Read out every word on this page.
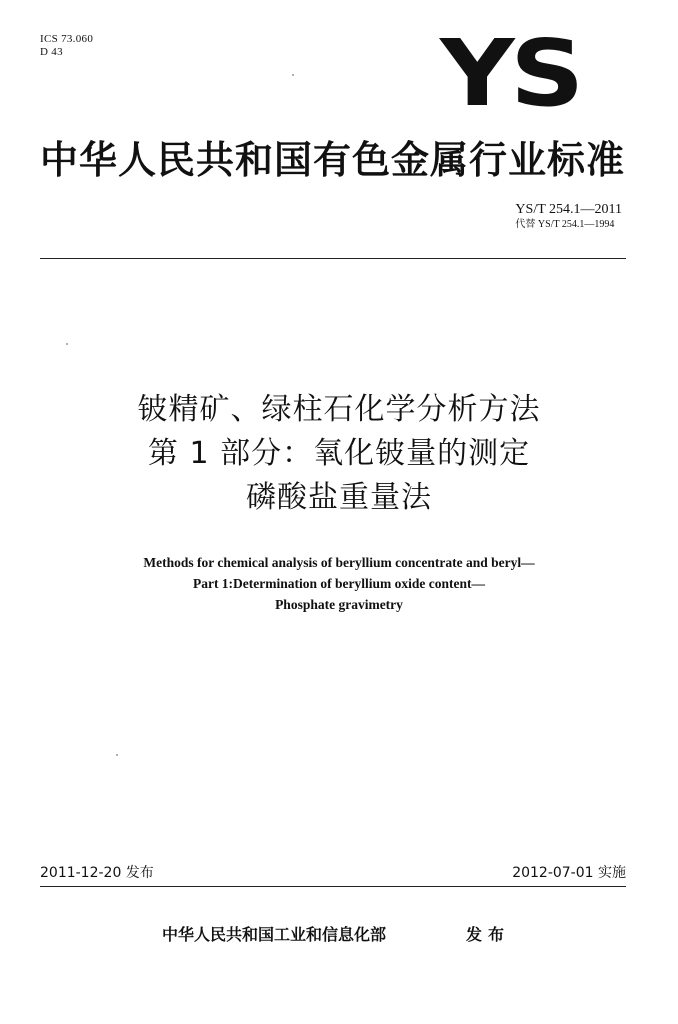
ICS 73.060
D 43	YS
中华人民共和国有色金属行业标准
YS/T 254.1—2011
代替 YS/T 254.1—1994
铍精矿、绿柱石化学分析方法
第 1 部分：氧化铍量的测定
磷酸盐重量法
Methods for chemical analysis of beryllium concentrate and beryl—
Part 1:Determination of beryllium oxide content—
Phosphate gravimetry
2011-12-20 发布	2012-07-01 实施
中华人民共和国工业和信息化部	发布
